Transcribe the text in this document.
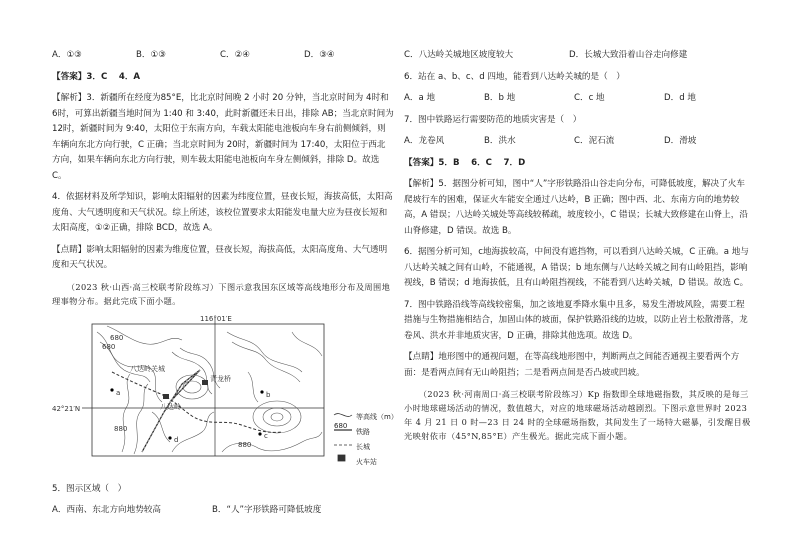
A．①③	B．①③	C．②④	D．③④

【答案】3．C　 4．A

【解析】3．新疆所在经度为85°E，比北京时间晚 2 小时 20 分钟，当北京时间为 4时和 6时，可算出新疆当地时间为 1:40 和 3:40，此时新疆还未日出，排除 AB；当北京时间为 12时，新疆时间为 9:40，太阳位于东南方向，车载太阳能电池板向车身右前侧倾斜，则车辆向东北方向行驶，C 正确；当北京时间为 20时，新疆时间为 17:40，太阳位于西北方向，如果车辆向东北方向行驶，则车载太阳能电池板向车身左侧倾斜，排除 D。故选 C。

4．依据材料及所学知识，影响太阳辐射的因素为纬度位置，昼夜长短，海拔高低，太阳高度角、大气透明度和天气状况。综上所述，该校位置要求太阳能发电量大应为昼夜长短和太阳高度，①②正确，排除 BCD，故选 A。

【点睛】影响太阳辐射的因素为维度位置，昼夜长短，海拔高低，太阳高度角、大气透明度和天气状况。

（2023 秋·山西·高三校联考阶段练习）下图示意我国东区域等高线地形分布及周围地理事物分布。据此完成下面小题。

116°01′E
42°21′N
680
680
八达岭关城
青龙桥
八达岭
880
880
a	b
c
d
680
等高线（m）
铁路
长城
火车站

5．图示区域（　）

A．西南、东北方向地势较高	B．“人”字形铁路可降低坡度
C．八达岭关城地区坡度较大	D．长城大致沿着山谷走向修建

6．站在 a、b、c、d 四地，能看到八达岭关城的是（　）

A．a 地	B．b 地	C．c 地	D．d 地

7．图中铁路运行需要防范的地质灾害是（　）

A．龙卷风	B．洪水	C．泥石流	D．滑坡

【答案】5．B　 6．C　 7．D

【解析】5．据图分析可知，图中“人”字形铁路沿山谷走向分布，可降低坡度，解决了火车爬坡行车的困难，保证火车能安全通过八达岭，B 正确；图中西、北、东南方向的地势较高，A 错误；八达岭关城处等高线较稀疏，坡度较小，C 错误；长城大致修建在山脊上，沿山脊修建，D 错误。故选 B。

6．据图分析可知，c地海拔较高，中间没有遮挡物，可以看到八达岭关城，C 正确。a 地与八达岭关城之间有山岭，不能通视，A 错误；b 地东侧与八达岭关城之间有山岭阻挡，影响视线，B 错误；d 地海拔低，且有山岭阻挡视线，不能看到八达岭关城，D 错误。故选 C。

7．图中铁路沿线等高线较密集，加之该地夏季降水集中且多，易发生滑坡风险，需要工程措施与生物措施相结合，加固山体的坡面，保护铁路沿线的边坡，以防止岩土松散滑落，龙卷风、洪水并非地质灾害，D 正确，排除其他选项。故选 D。

【点睛】地形图中的通视问题，在等高线地形图中，判断两点之间能否通视主要看两个方面：是看两点间有无山岭阻挡；二是看两点间是否凸坡或凹坡。

（2023 秋·河南周口·高三校联考阶段练习）Kp 指数即全球地磁指数，其反映的是每三小时地球磁场活动的情况，数值越大，对应的地球磁场活动越剧烈。下图示意世界时 2023 年 4 月 21 日 0 时—23 日 24 时的全球磁场指数，其间发生了一场特大磁暴，引发醒目极光映射依市（45°N,85°E）产生极光。据此完成下面小题。
